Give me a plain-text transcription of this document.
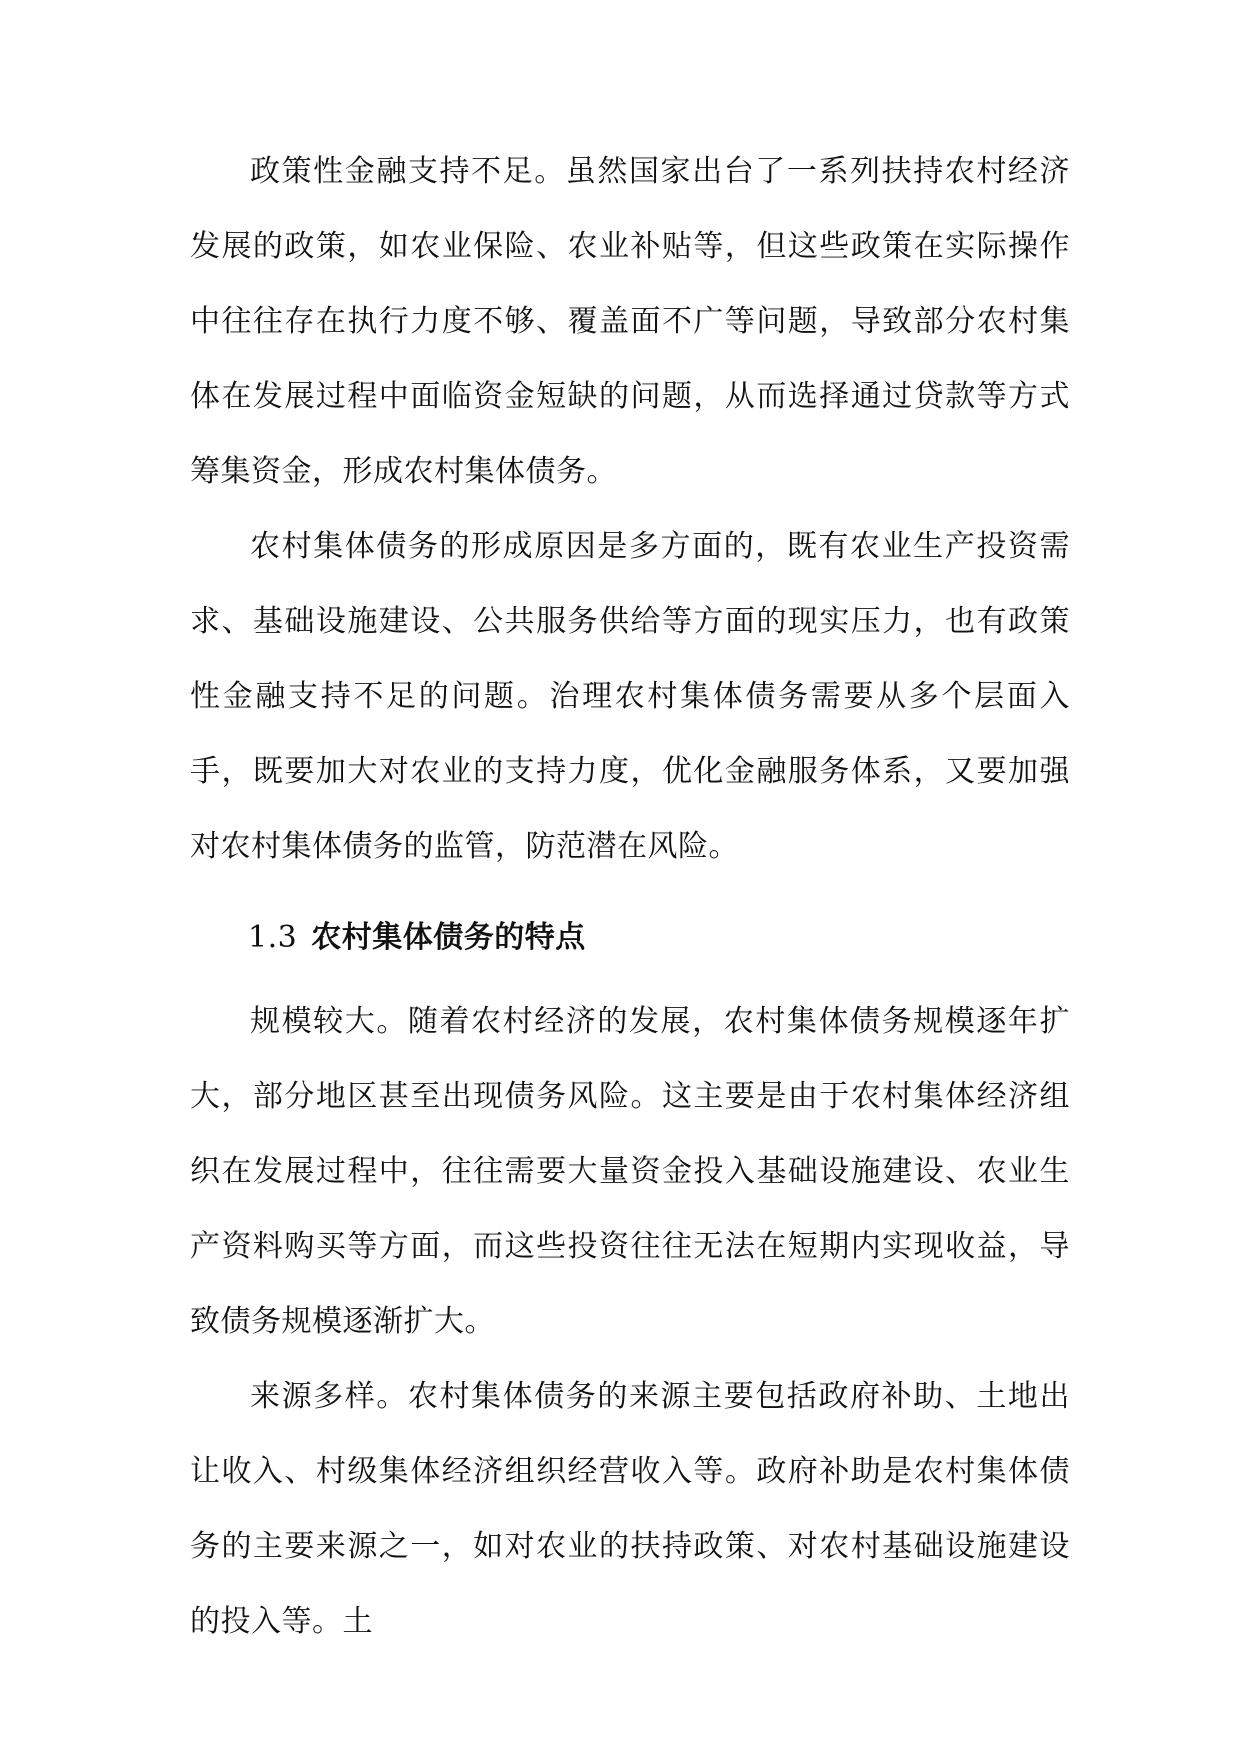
政策性金融支持不足。虽然国家出台了一系列扶持农村经济发展的政策，如农业保险、农业补贴等，但这些政策在实际操作中往往存在执行力度不够、覆盖面不广等问题，导致部分农村集体在发展过程中面临资金短缺的问题，从而选择通过贷款等方式筹集资金，形成农村集体债务。

农村集体债务的形成原因是多方面的，既有农业生产投资需求、基础设施建设、公共服务供给等方面的现实压力，也有政策性金融支持不足的问题。治理农村集体债务需要从多个层面入手，既要加大对农业的支持力度，优化金融服务体系，又要加强对农村集体债务的监管，防范潜在风险。

1.3 农村集体债务的特点

规模较大。随着农村经济的发展，农村集体债务规模逐年扩大，部分地区甚至出现债务风险。这主要是由于农村集体经济组织在发展过程中，往往需要大量资金投入基础设施建设、农业生产资料购买等方面，而这些投资往往无法在短期内实现收益，导致债务规模逐渐扩大。

来源多样。农村集体债务的来源主要包括政府补助、土地出让收入、村级集体经济组织经营收入等。政府补助是农村集体债务的主要来源之一，如对农业的扶持政策、对农村基础设施建设的投入等。土
